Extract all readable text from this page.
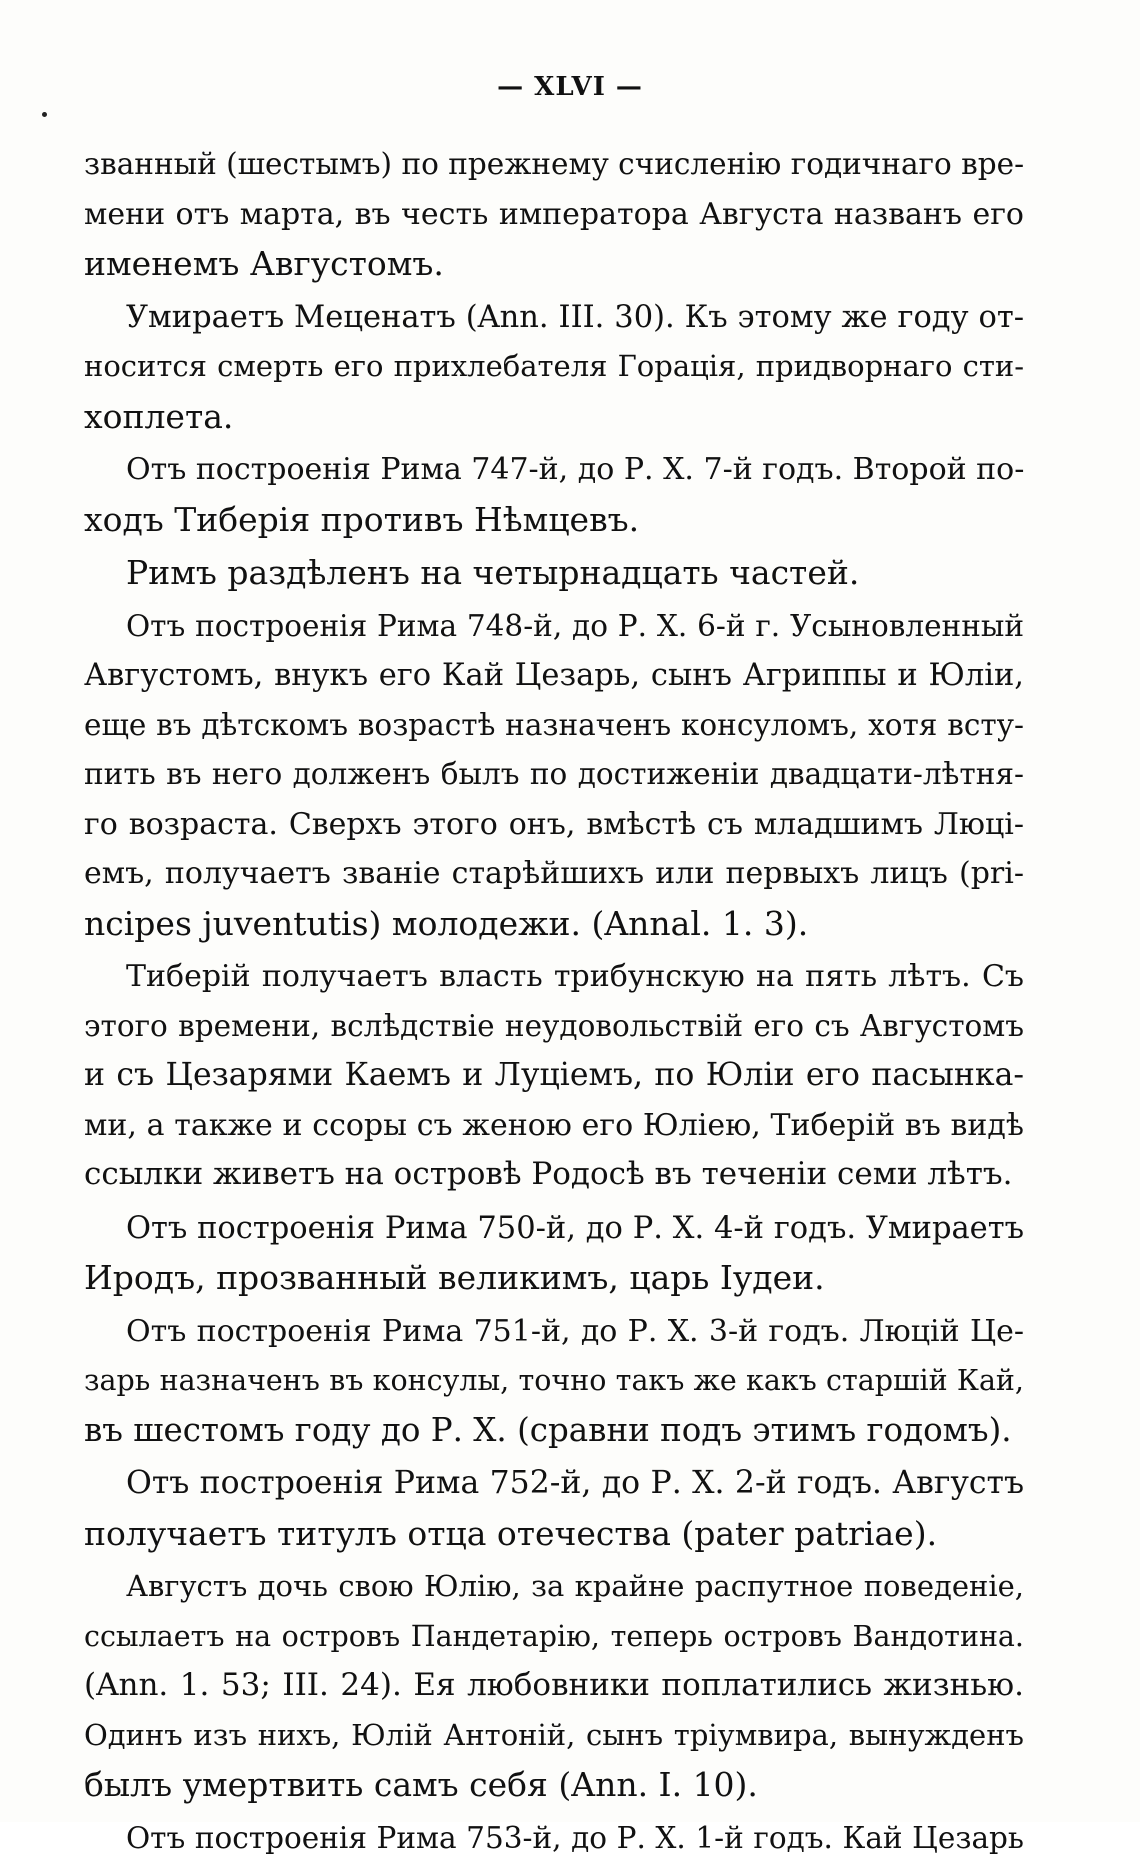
— XLVI —
званный (шестымъ) по прежнему счисленію годичнаго вре-
мени отъ марта, въ честь императора Августа названъ его
именемъ Августомъ.
Умираетъ Меценатъ (Ann. III. 30). Къ этому же году от-
носится смерть его прихлебателя Горація, придворнаго сти-
хоплета.
Отъ построенія Рима 747-й, до Р. Х. 7-й годъ. Второй по-
ходъ Тиберія противъ Нѣмцевъ.
Римъ раздѣленъ на четырнадцать частей.
Отъ построенія Рима 748-й, до Р. Х. 6-й г. Усыновленный
Августомъ, внукъ его Кай Цезарь, сынъ Агриппы и Юліи,
еще въ дѣтскомъ возрастѣ назначенъ консуломъ, хотя всту-
пить въ него долженъ былъ по достиженіи двадцати-лѣтня-
го возраста. Сверхъ этого онъ, вмѣстѣ съ младшимъ Люці-
емъ, получаетъ званіе старѣйшихъ или первыхъ лицъ (pri-
ncipes juventutis) молодежи. (Annal. 1. 3).
Тиберій получаетъ власть трибунскую на пять лѣтъ. Съ
этого времени, вслѣдствіе неудовольствій его съ Августомъ
и съ Цезарями Каемъ и Луціемъ, по Юліи его пасынка-
ми, а также и ссоры съ женою его Юліею, Тиберій въ видѣ
ссылки живетъ на островѣ Родосѣ въ теченіи семи лѣтъ.
Отъ построенія Рима 750-й, до Р. Х. 4-й годъ. Умираетъ
Иродъ, прозванный великимъ, царь Іудеи.
Отъ построенія Рима 751-й, до Р. Х. 3-й годъ. Люцій Це-
зарь назначенъ въ консулы, точно такъ же какъ старшій Кай,
въ шестомъ году до Р. Х. (сравни подъ этимъ годомъ).
Отъ построенія Рима 752-й, до Р. Х. 2-й годъ. Августъ
получаетъ титулъ отца отечества (pater patriae).
Августъ дочь свою Юлію, за крайне распутное поведеніе,
ссылаетъ на островъ Пандетарію, теперь островъ Вандотина.
(Ann. 1. 53; III. 24). Ея любовники поплатились жизнью.
Одинъ изъ нихъ, Юлій Антоній, сынъ тріумвира, вынужденъ
былъ умертвить самъ себя (Ann. I. 10).
Отъ построенія Рима 753-й, до Р. Х. 1-й годъ. Кай Цезарь
